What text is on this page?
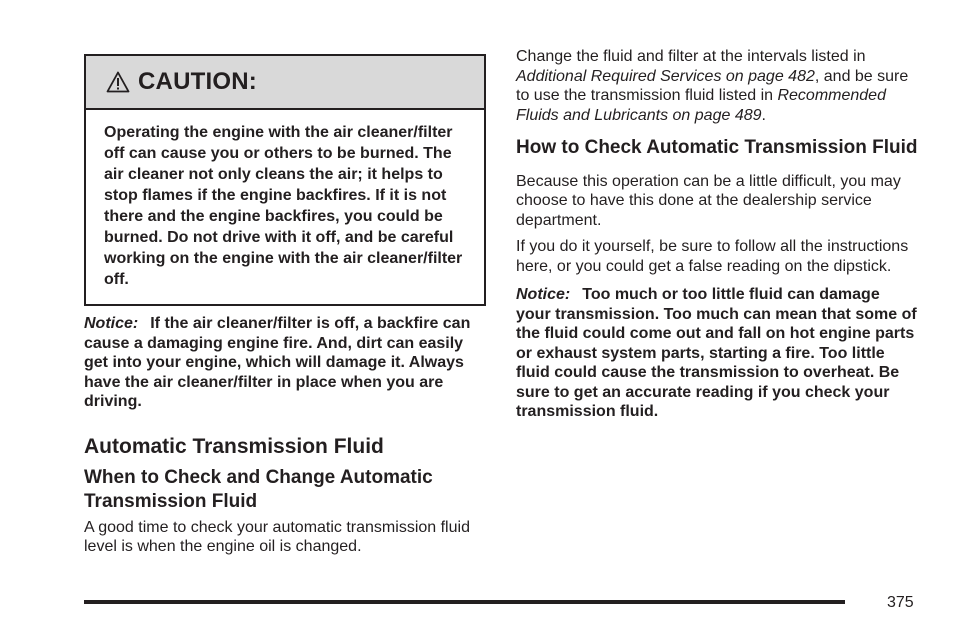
CAUTION:
Operating the engine with the air cleaner/filter off can cause you or others to be burned. The air cleaner not only cleans the air; it helps to stop flames if the engine backfires. If it is not there and the engine backfires, you could be burned. Do not drive with it off, and be careful working on the engine with the air cleaner/filter off.

Notice: If the air cleaner/filter is off, a backfire can cause a damaging engine fire. And, dirt can easily get into your engine, which will damage it. Always have the air cleaner/filter in place when you are driving.

Automatic Transmission Fluid
When to Check and Change Automatic Transmission Fluid

A good time to check your automatic transmission fluid level is when the engine oil is changed.

Change the fluid and filter at the intervals listed in Additional Required Services on page 482, and be sure to use the transmission fluid listed in Recommended Fluids and Lubricants on page 489.

How to Check Automatic Transmission Fluid

Because this operation can be a little difficult, you may choose to have this done at the dealership service department.

If you do it yourself, be sure to follow all the instructions here, or you could get a false reading on the dipstick.

Notice: Too much or too little fluid can damage your transmission. Too much can mean that some of the fluid could come out and fall on hot engine parts or exhaust system parts, starting a fire. Too little fluid could cause the transmission to overheat. Be sure to get an accurate reading if you check your transmission fluid.

375
